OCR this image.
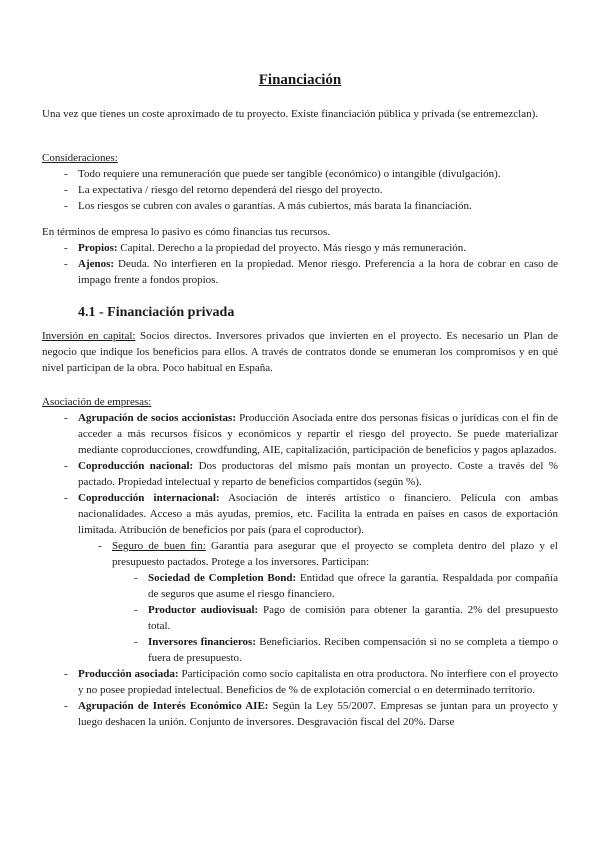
Financiación

Una vez que tienes un coste aproximado de tu proyecto. Existe financiación pública y privada (se entremezclan).

Consideraciones:

- Todo requiere una remuneración que puede ser tangible (económico) o intangible (divulgación).
- La expectativa / riesgo del retorno dependerá del riesgo del proyecto.
- Los riesgos se cubren con avales o garantías. A más cubiertos, más barata la financiación.

En términos de empresa lo pasivo es cómo financias tus recursos.

- Propios: Capital. Derecho a la propiedad del proyecto. Más riesgo y más remuneración.
- Ajenos: Deuda. No interfieren en la propiedad. Menor riesgo. Preferencia a la hora de cobrar en caso de impago frente a fondos propios.
4.1 - Financiación privada

Inversión en capital: Socios directos. Inversores privados que invierten en el proyecto. Es necesario un Plan de negocio que indique los beneficios para ellos. A través de contratos donde se enumeran los compromisos y en qué nivel participan de la obra. Poco habitual en España.

Asociación de empresas:

- Agrupación de socios accionistas: Producción Asociada entre dos personas físicas o jurídicas con el fin de acceder a más recursos físicos y económicos y repartir el riesgo del proyecto. Se puede materializar mediante coproducciones, crowdfunding, AIE, capitalización, participación de beneficios y pagos aplazados.
- Coproducción nacional: Dos productoras del mismo país montan un proyecto. Coste a través del % pactado. Propiedad intelectual y reparto de beneficios compartidos (según %).
- Coproducción internacional: Asociación de interés artístico o financiero. Película con ambas nacionalidades. Acceso a más ayudas, premios, etc. Facilita la entrada en países en casos de exportación limitada. Atribución de beneficios por país (para el coproductor).
- Seguro de buen fin: Garantía para asegurar que el proyecto se completa dentro del plazo y el presupuesto pactados. Protege a los inversores. Participan:
- Sociedad de Completion Bond: Entidad que ofrece la garantía. Respaldada por compañía de seguros que asume el riesgo financiero.
- Productor audiovisual: Pago de comisión para obtener la garantía. 2% del presupuesto total.
- Inversores financieros: Beneficiarios. Reciben compensación si no se completa a tiempo o fuera de presupuesto.
- Producción asociada: Participación como socio capitalista en otra productora. No interfiere con el proyecto y no posee propiedad intelectual. Beneficios de % de explotación comercial o en determinado territorio.
- Agrupación de Interés Económico AIE: Según la Ley 55/2007. Empresas se juntan para un proyecto y luego deshacen la unión. Conjunto de inversores. Desgravación fiscal del 20%. Darse
